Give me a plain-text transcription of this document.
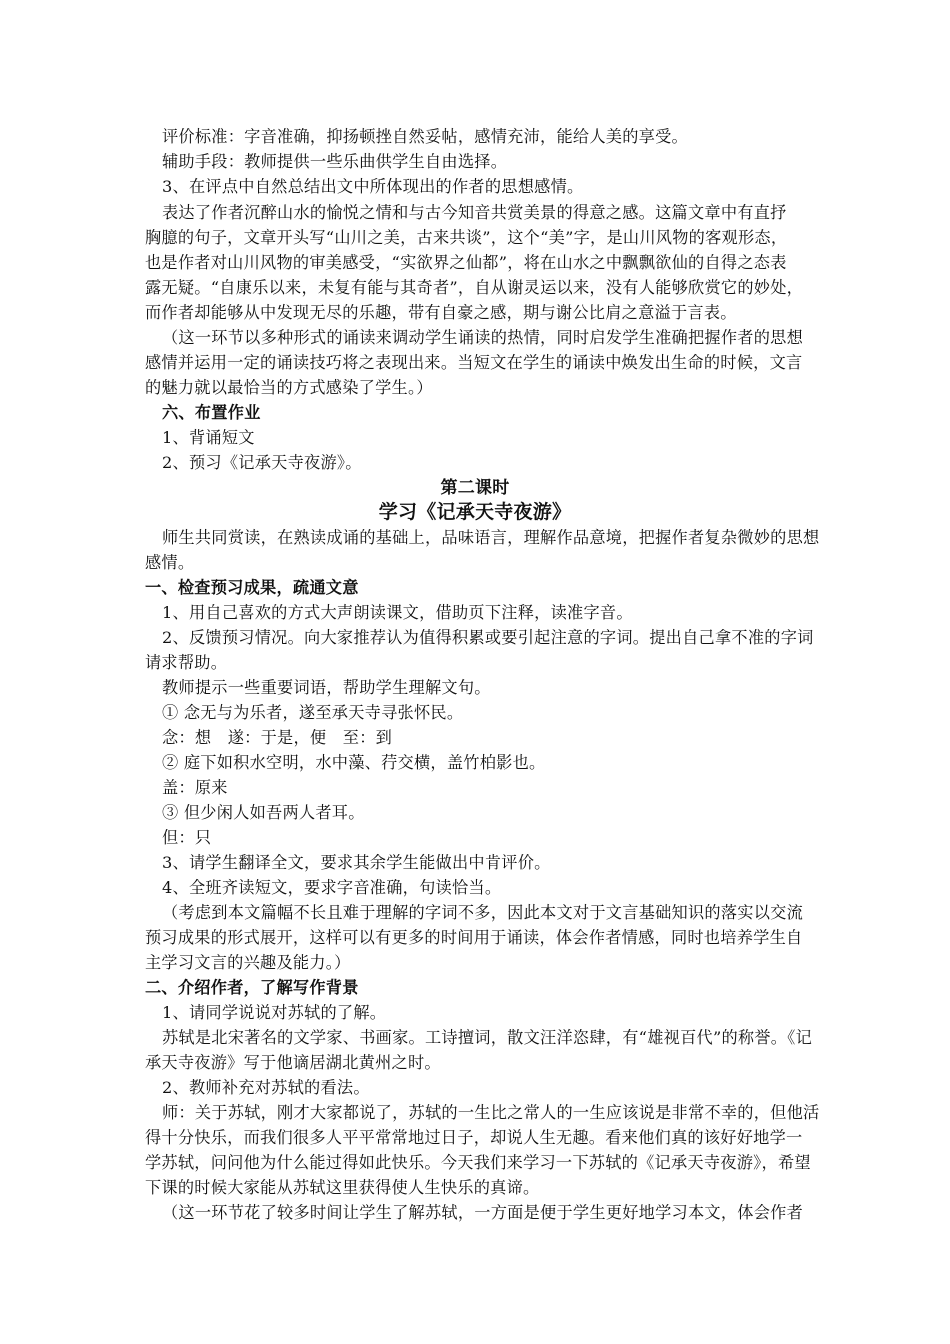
评价标准：字音准确，抑扬顿挫自然妥帖，感情充沛，能给人美的享受。
辅助手段：教师提供一些乐曲供学生自由选择。
3、在评点中自然总结出文中所体现出的作者的思想感情。
表达了作者沉醉山水的愉悦之情和与古今知音共赏美景的得意之感。这篇文章中有直抒
胸臆的句子，文章开头写“山川之美，古来共谈”，这个“美”字，是山川风物的客观形态，
也是作者对山川风物的审美感受，“实欲界之仙都”，将在山水之中飘飘欲仙的自得之态表
露无疑。“自康乐以来，未复有能与其奇者”，自从谢灵运以来，没有人能够欣赏它的妙处，
而作者却能够从中发现无尽的乐趣，带有自豪之感，期与谢公比肩之意溢于言表。
（这一环节以多种形式的诵读来调动学生诵读的热情，同时启发学生准确把握作者的思想
感情并运用一定的诵读技巧将之表现出来。当短文在学生的诵读中焕发出生命的时候，文言
的魅力就以最恰当的方式感染了学生。）
六、布置作业
1、背诵短文
2、预习《记承天寺夜游》。
第二课时
学习《记承天寺夜游》
师生共同赏读，在熟读成诵的基础上，品味语言，理解作品意境，把握作者复杂微妙的思想
感情。
一、检查预习成果，疏通文意
1、用自己喜欢的方式大声朗读课文，借助页下注释，读准字音。
2、反馈预习情况。向大家推荐认为值得积累或要引起注意的字词。提出自己拿不准的字词
请求帮助。
教师提示一些重要词语，帮助学生理解文句。
① 念无与为乐者，遂至承天寺寻张怀民。
念：想　遂：于是，便　至：到
② 庭下如积水空明，水中藻、荇交横，盖竹柏影也。
盖：原来
③ 但少闲人如吾两人者耳。
但：只
3、请学生翻译全文，要求其余学生能做出中肯评价。
4、全班齐读短文，要求字音准确，句读恰当。
（考虑到本文篇幅不长且难于理解的字词不多，因此本文对于文言基础知识的落实以交流
预习成果的形式展开，这样可以有更多的时间用于诵读，体会作者情感，同时也培养学生自
主学习文言的兴趣及能力。）
二、介绍作者，了解写作背景
1、请同学说说对苏轼的了解。
苏轼是北宋著名的文学家、书画家。工诗擅词，散文汪洋恣肆，有“雄视百代”的称誉。《记
承天寺夜游》写于他谪居湖北黄州之时。
2、教师补充对苏轼的看法。
师：关于苏轼，刚才大家都说了，苏轼的一生比之常人的一生应该说是非常不幸的，但他活
得十分快乐，而我们很多人平平常常地过日子，却说人生无趣。看来他们真的该好好地学一
学苏轼，问问他为什么能过得如此快乐。今天我们来学习一下苏轼的《记承天寺夜游》，希望
下课的时候大家能从苏轼这里获得使人生快乐的真谛。
（这一环节花了较多时间让学生了解苏轼，一方面是便于学生更好地学习本文，体会作者
